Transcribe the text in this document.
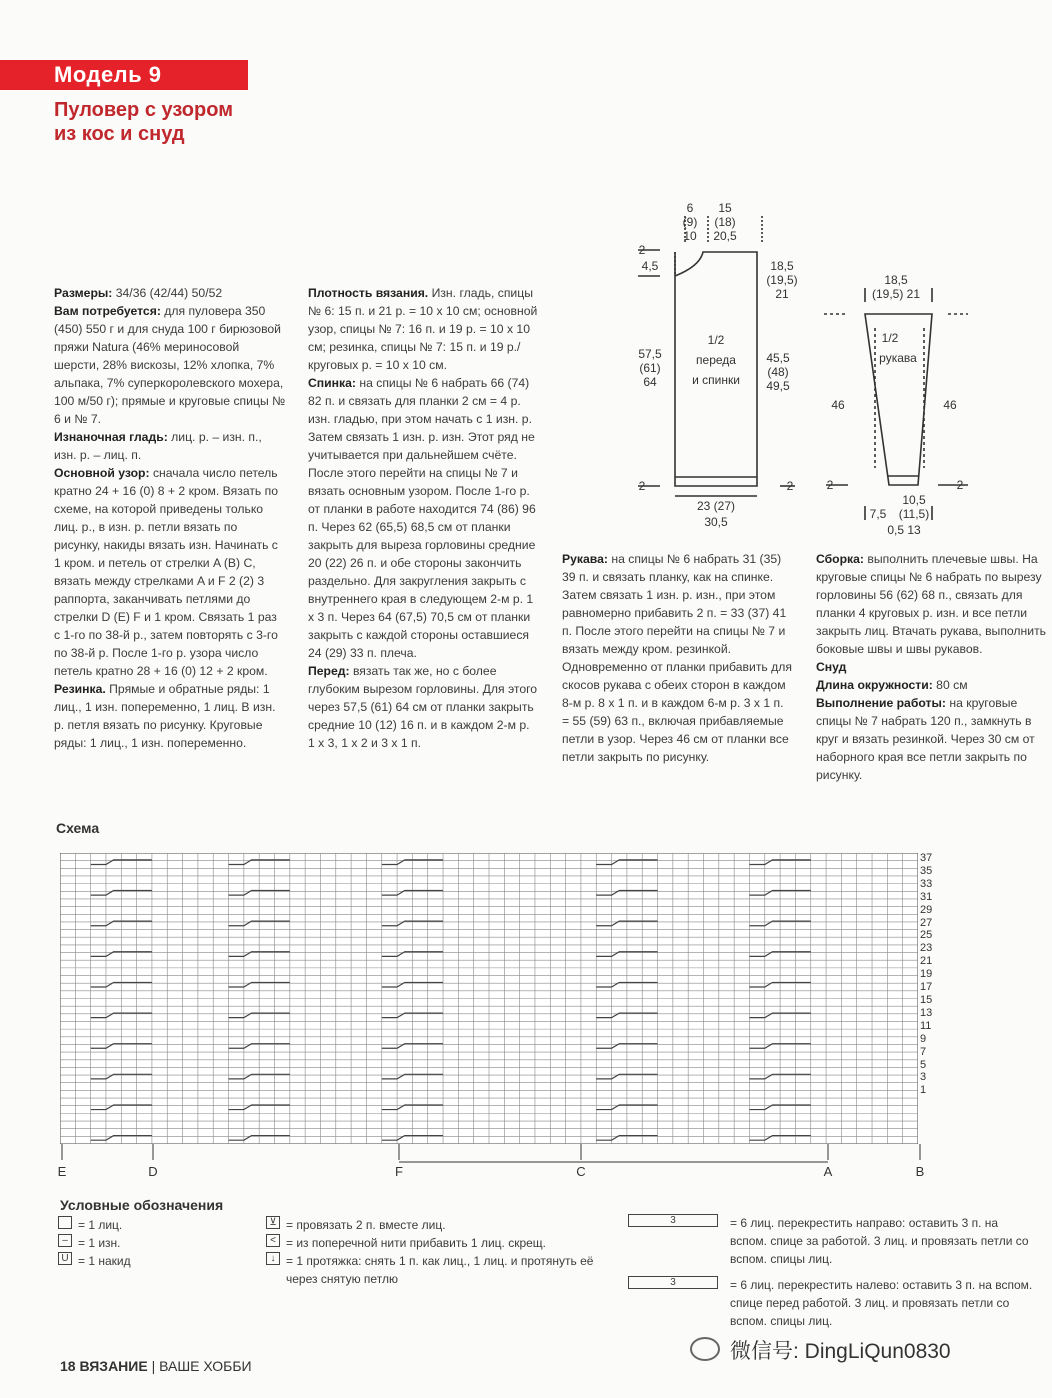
Модель 9
Пуловер с узором
из кос и снуд

Размеры: 34/36 (42/44) 50/52

Вам потребуется: для пуловера 350 (450) 550 г и для снуда 100 г бирюзовой пряжи Natura (46% мериносовой шерсти, 28% вискозы, 12% хлопка, 7% альпака, 7% суперкоролевского мохера, 100 м/50 г); прямые и круговые спицы № 6 и № 7.

Изнаночная гладь: лиц. р. – изн. п., изн. р. – лиц. п.

Основной узор: сначала число петель кратно 24 + 16 (0) 8 + 2 кром. Вязать по схеме, на которой приведены только лиц. р., в изн. р. петли вязать по рисунку, накиды вязать изн. Начинать с 1 кром. и петель от стрелки A (B) C, вязать между стрелками A и F 2 (2) 3 раппорта, заканчивать петлями до стрелки D (E) F и 1 кром. Связать 1 раз с 1-го по 38-й р., затем повторять с 3-го по 38-й р. После 1-го р. узора число петель кратно 28 + 16 (0) 12 + 2 кром.

Резинка. Прямые и обратные ряды: 1 лиц., 1 изн. попеременно, 1 лиц. В изн. р. петля вязать по рисунку. Круговые ряды: 1 лиц., 1 изн. попеременно.

Плотность вязания. Изн. гладь, спицы № 6: 15 п. и 21 р. = 10 x 10 см; основной узор, спицы № 7: 16 п. и 19 р. = 10 x 10 см; резинка, спицы № 7: 15 п. и 19 р./круговых р. = 10 x 10 см.

Спинка: на спицы № 6 набрать 66 (74) 82 п. и связать для планки 2 см = 4 р. изн. гладью, при этом начать с 1 изн. р. Затем связать 1 изн. р. изн. Этот ряд не учитывается при дальнейшем счёте. После этого перейти на спицы № 7 и вязать основным узором. После 1-го р. от планки в работе находится 74 (86) 96 п. Через 62 (65,5) 68,5 см от планки закрыть для выреза горловины средние 20 (22) 26 п. и обе стороны закончить раздельно. Для закругления закрыть с внутреннего края в следующем 2-м р. 1 x 3 п. Через 64 (67,5) 70,5 см от планки закрыть с каждой стороны оставшиеся 24 (29) 33 п. плеча.

Перед: вязать так же, но с более глубоким вырезом горловины. Для этого через 57,5 (61) 64 см от планки закрыть средние 10 (12) 16 п. и в каждом 2-м р. 1 x 3, 1 x 2 и 3 x 1 п.

Рукава: на спицы № 6 набрать 31 (35) 39 п. и связать планку, как на спинке. Затем связать 1 изн. р. изн., при этом равномерно прибавить 2 п. = 33 (37) 41 п. После этого перейти на спицы № 7 и вязать между кром. резинкой. Одновременно от планки прибавить для скосов рукава с обеих сторон в каждом 8-м р. 8 x 1 п. и в каждом 6-м р. 3 x 1 п. = 55 (59) 63 п., включая прибавляемые петли в узор. Через 46 см от планки все петли закрыть по рисунку.

Сборка: выполнить плечевые швы. На круговые спицы № 6 набрать по вырезу горловины 56 (62) 68 п., связать для планки 4 круговых р. изн. и все петли закрыть лиц. Втачать рукава, выполнить боковые швы и швы рукавов.

Снуд

Длина окружности: 80 см

Выполнение работы: на круговые спицы № 7 набрать 120 п., замкнуть в круг и вязать резинкой. Через 30 см от наборного края все петли закрыть по рисунку.

6
(9)
10
15
(18)
20,5
2
4,5	18,5
(19,5)
21
57,5
(61)
64
45,5
(48)
49,5
1/2
переда
и спинки
2	2
23 (27)
30,5
18,5
(19,5) 21
1/2
рукава
46	46
2	2
10,5
7,5 (11,5)
0,5 13
Схема
37
35
33
31
29
27
25
23
21
19
17
15
13
11
9
7
5
3
1
E	D	F	C	A	B
Условные обозначения
= 1 лиц.
– = 1 изн.
U = 1 накид
⊻ = провязать 2 п. вместе лиц.
< = из поперечной нити прибавить 1 лиц. скрещ.
↓ = 1 протяжка: снять 1 п. как лиц., 1 лиц. и протянуть её через снятую петлю
3	= 6 лиц. перекрестить направо: оставить 3 п. на вспом. спице за работой. 3 лиц. и провязать петли со вспом. спицы лиц.
3	= 6 лиц. перекрестить налево: оставить 3 п. на вспом. спице перед работой. 3 лиц. и провязать петли со вспом. спицы лиц.
18 ВЯЗАНИЕ | ВАШЕ ХОББИ
微信号: DingLiQun0830
